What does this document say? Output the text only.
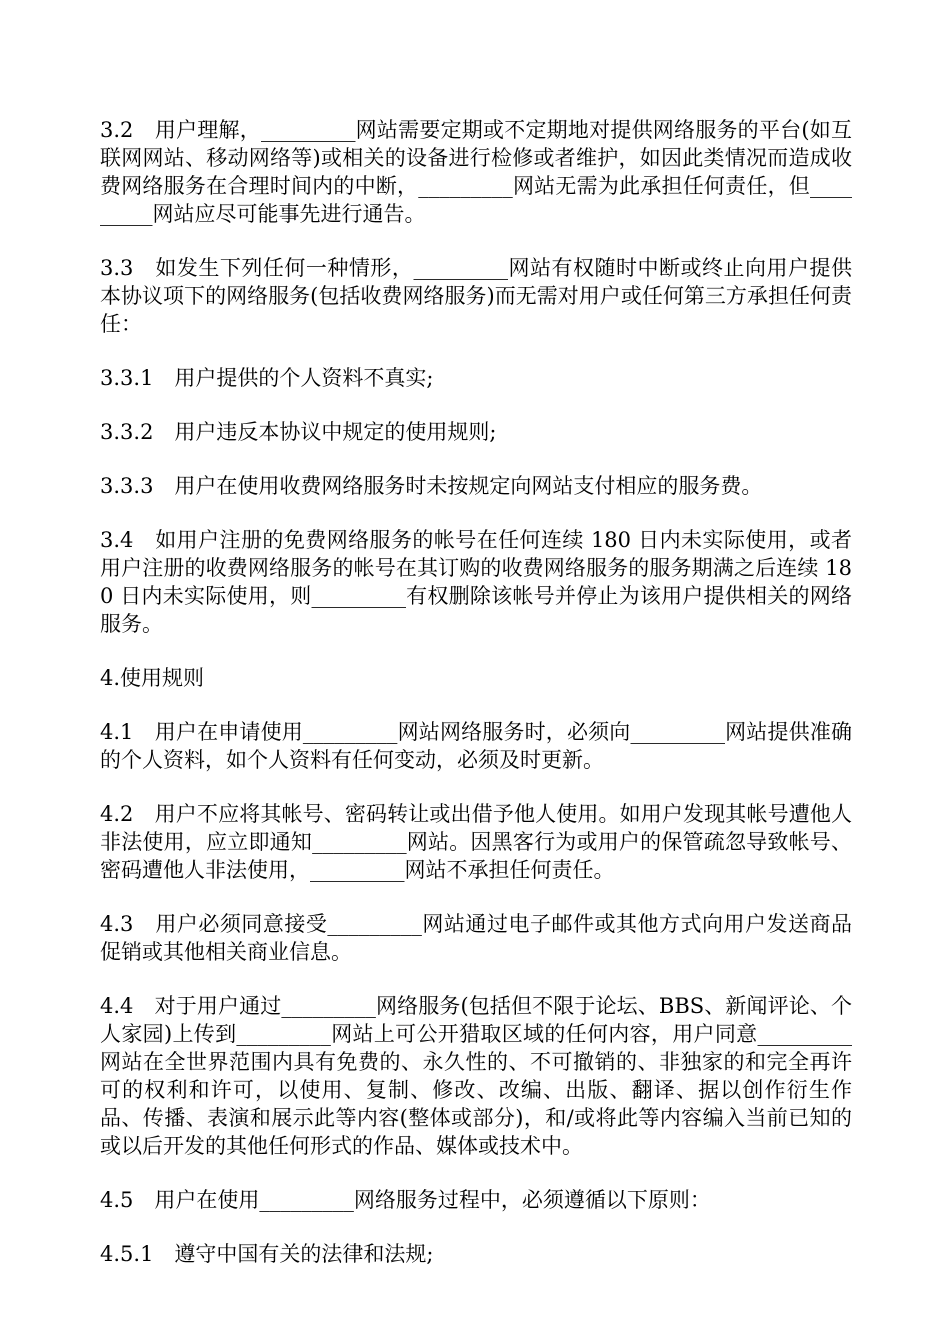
3.2　用户理解，_________网站需要定期或不定期地对提供网络服务的平台(如互联网网站、移动网络等)或相关的设备进行检修或者维护，如因此类情况而造成收费网络服务在合理时间内的中断，_________网站无需为此承担任何责任，但_________网站应尽可能事先进行通告。

3.3　如发生下列任何一种情形，_________网站有权随时中断或终止向用户提供本协议项下的网络服务(包括收费网络服务)而无需对用户或任何第三方承担任何责任：

3.3.1　用户提供的个人资料不真实;

3.3.2　用户违反本协议中规定的使用规则;

3.3.3　用户在使用收费网络服务时未按规定向网站支付相应的服务费。

3.4　如用户注册的免费网络服务的帐号在任何连续 180 日内未实际使用，或者用户注册的收费网络服务的帐号在其订购的收费网络服务的服务期满之后连续 180 日内未实际使用，则_________有权删除该帐号并停止为该用户提供相关的网络服务。

4.使用规则

4.1　用户在申请使用_________网站网络服务时，必须向_________网站提供准确的个人资料，如个人资料有任何变动，必须及时更新。

4.2　用户不应将其帐号、密码转让或出借予他人使用。如用户发现其帐号遭他人非法使用，应立即通知_________网站。因黑客行为或用户的保管疏忽导致帐号、密码遭他人非法使用，_________网站不承担任何责任。

4.3　用户必须同意接受_________网站通过电子邮件或其他方式向用户发送商品促销或其他相关商业信息。

4.4　对于用户通过_________网络服务(包括但不限于论坛、BBS、新闻评论、个人家园)上传到_________网站上可公开猎取区域的任何内容，用户同意_________网站在全世界范围内具有免费的、永久性的、不可撤销的、非独家的和完全再许可的权利和许可，以使用、复制、修改、改编、出版、翻译、据以创作衍生作品、传播、表演和展示此等内容(整体或部分)，和/或将此等内容编入当前已知的或以后开发的其他任何形式的作品、媒体或技术中。

4.5　用户在使用_________网络服务过程中，必须遵循以下原则：

4.5.1　遵守中国有关的法律和法规;
